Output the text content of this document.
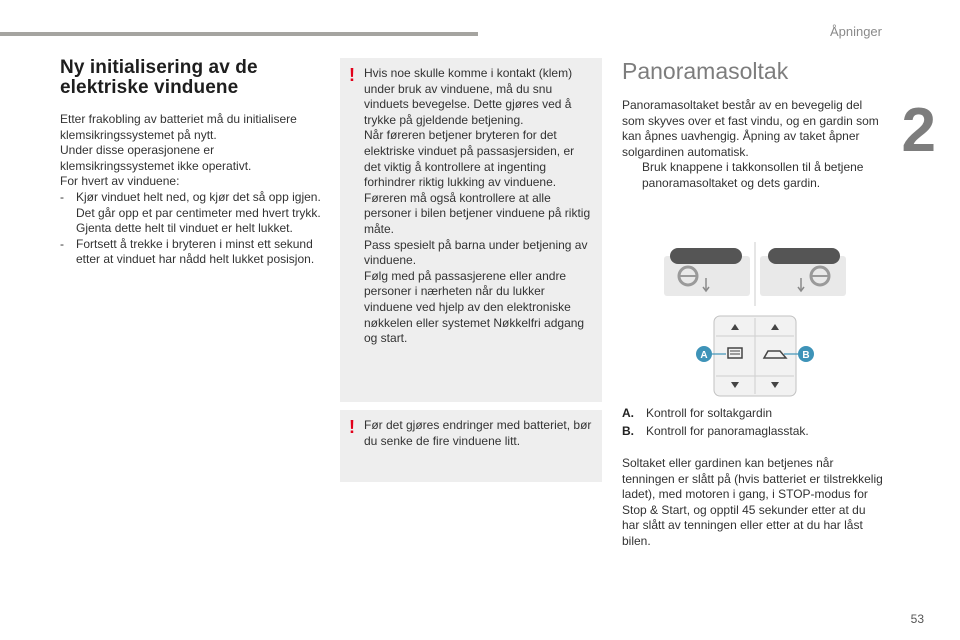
Åpninger
2
53
Ny initialisering av de
elektriske vinduene

Etter frakobling av batteriet må du initialisere klemsikringssystemet på nytt.

Under disse operasjonene er klemsikringssystemet ikke operativt.

For hvert av vinduene:

- Kjør vinduet helt ned, og kjør det så opp igjen. Det går opp et par centimeter med hvert trykk. Gjenta dette helt til vinduet er helt lukket.
- Fortsett å trekke i bryteren i minst ett sekund etter at vinduet har nådd helt lukket posisjon.
! Hvis noe skulle komme i kontakt (klem) under bruk av vinduene, må du snu vinduets bevegelse. Dette gjøres ved å trykke på gjeldende betjening.

Når føreren betjener bryteren for det elektriske vinduet på passasjersiden, er det viktig å kontrollere at ingenting forhindrer riktig lukking av vinduene.

Føreren må også kontrollere at alle personer i bilen betjener vinduene på riktig måte.

Pass spesielt på barna under betjening av vinduene.

Følg med på passasjerene eller andre personer i nærheten når du lukker vinduene ved hjelp av den elektroniske nøkkelen eller systemet Nøkkelfri adgang og start.

! Før det gjøres endringer med batteriet, bør du senke de fire vinduene litt.

Panoramasoltak

Panoramasoltaket består av en bevegelig del som skyves over et fast vindu, og en gardin som kan åpnes uavhengig. Åpning av taket åpner solgardinen automatisk.

Bruk knappene i takkonsollen til å betjene panoramasoltaket og dets gardin.
A	B
A. Kontroll for soltakgardin
B. Kontroll for panoramaglasstak.

Soltaket eller gardinen kan betjenes når tenningen er slått på (hvis batteriet er tilstrekkelig ladet), med motoren i gang, i STOP-modus for Stop & Start, og opptil 45 sekunder etter at du har slått av tenningen eller etter at du har låst bilen.
